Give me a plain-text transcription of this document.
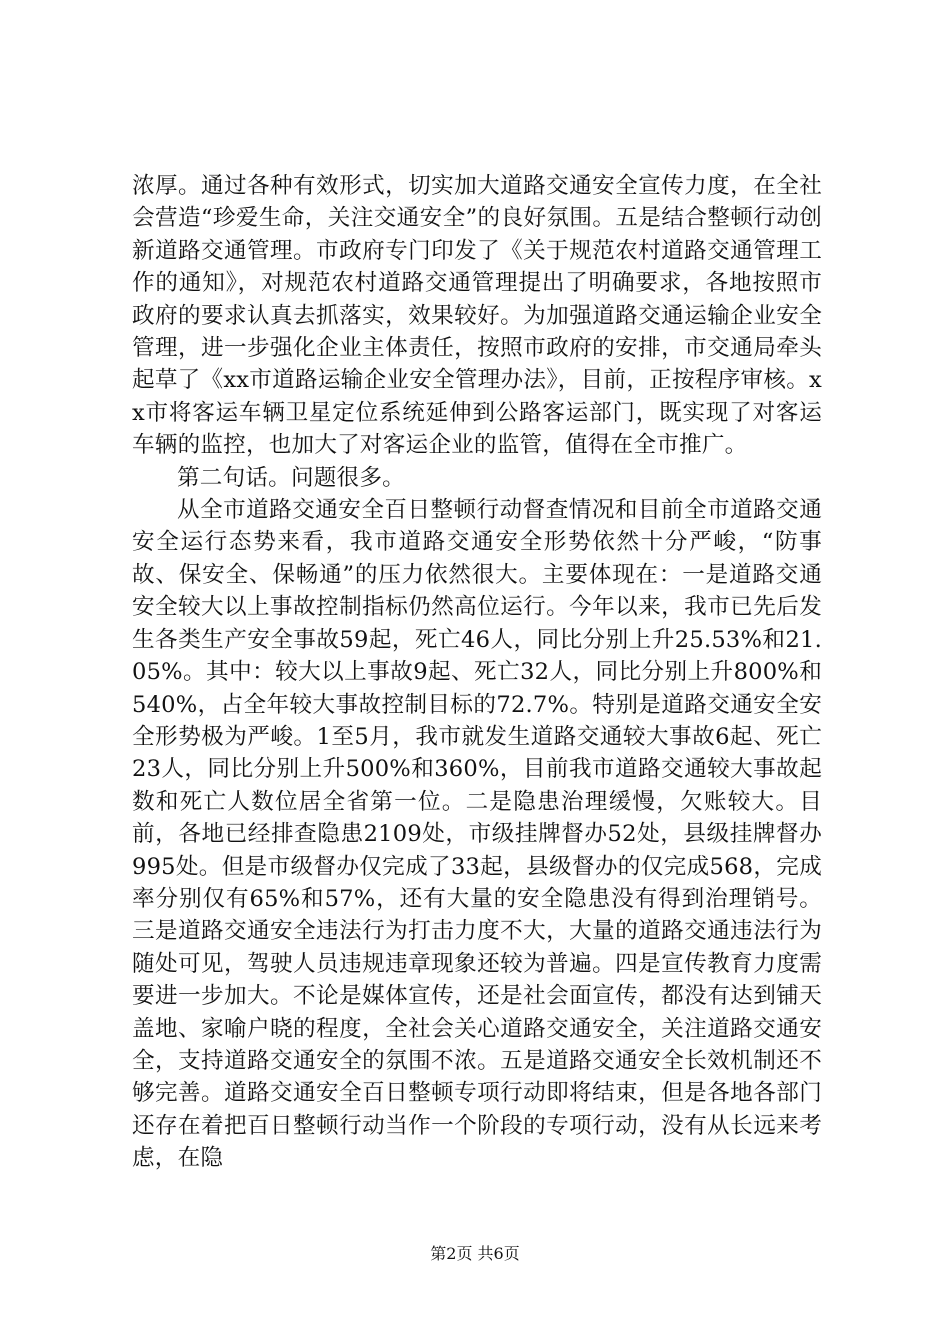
浓厚。通过各种有效形式，切实加大道路交通安全宣传力度，在全社会营造“珍爱生命，关注交通安全”的良好氛围。五是结合整顿行动创新道路交通管理。市政府专门印发了《关于规范农村道路交通管理工作的通知》，对规范农村道路交通管理提出了明确要求，各地按照市政府的要求认真去抓落实，效果较好。为加强道路交通运输企业安全管理，进一步强化企业主体责任，按照市政府的安排，市交通局牵头起草了《xx市道路运输企业安全管理办法》，目前，正按程序审核。xx市将客运车辆卫星定位系统延伸到公路客运部门，既实现了对客运车辆的监控，也加大了对客运企业的监管，值得在全市推广。

第二句话。问题很多。

从全市道路交通安全百日整顿行动督查情况和目前全市道路交通安全运行态势来看，我市道路交通安全形势依然十分严峻，“防事故、保安全、保畅通”的压力依然很大。主要体现在：一是道路交通安全较大以上事故控制指标仍然高位运行。今年以来，我市已先后发生各类生产安全事故59起，死亡46人，同比分别上升25.53%和21.05%。其中：较大以上事故9起、死亡32人，同比分别上升800%和540%，占全年较大事故控制目标的72.7%。特别是道路交通安全安全形势极为严峻。1至5月，我市就发生道路交通较大事故6起、死亡23人，同比分别上升500%和360%，目前我市道路交通较大事故起数和死亡人数位居全省第一位。二是隐患治理缓慢，欠账较大。目前，各地已经排查隐患2109处，市级挂牌督办52处，县级挂牌督办995处。但是市级督办仅完成了33起，县级督办的仅完成568，完成率分别仅有65%和57%，还有大量的安全隐患没有得到治理销号。三是道路交通安全违法行为打击力度不大，大量的道路交通违法行为随处可见，驾驶人员违规违章现象还较为普遍。四是宣传教育力度需要进一步加大。不论是媒体宣传，还是社会面宣传，都没有达到铺天盖地、家喻户晓的程度，全社会关心道路交通安全，关注道路交通安全，支持道路交通安全的氛围不浓。五是道路交通安全长效机制还不够完善。道路交通安全百日整顿专项行动即将结束，但是各地各部门还存在着把百日整顿行动当作一个阶段的专项行动，没有从长远来考虑，在隐

第2页 共6页
